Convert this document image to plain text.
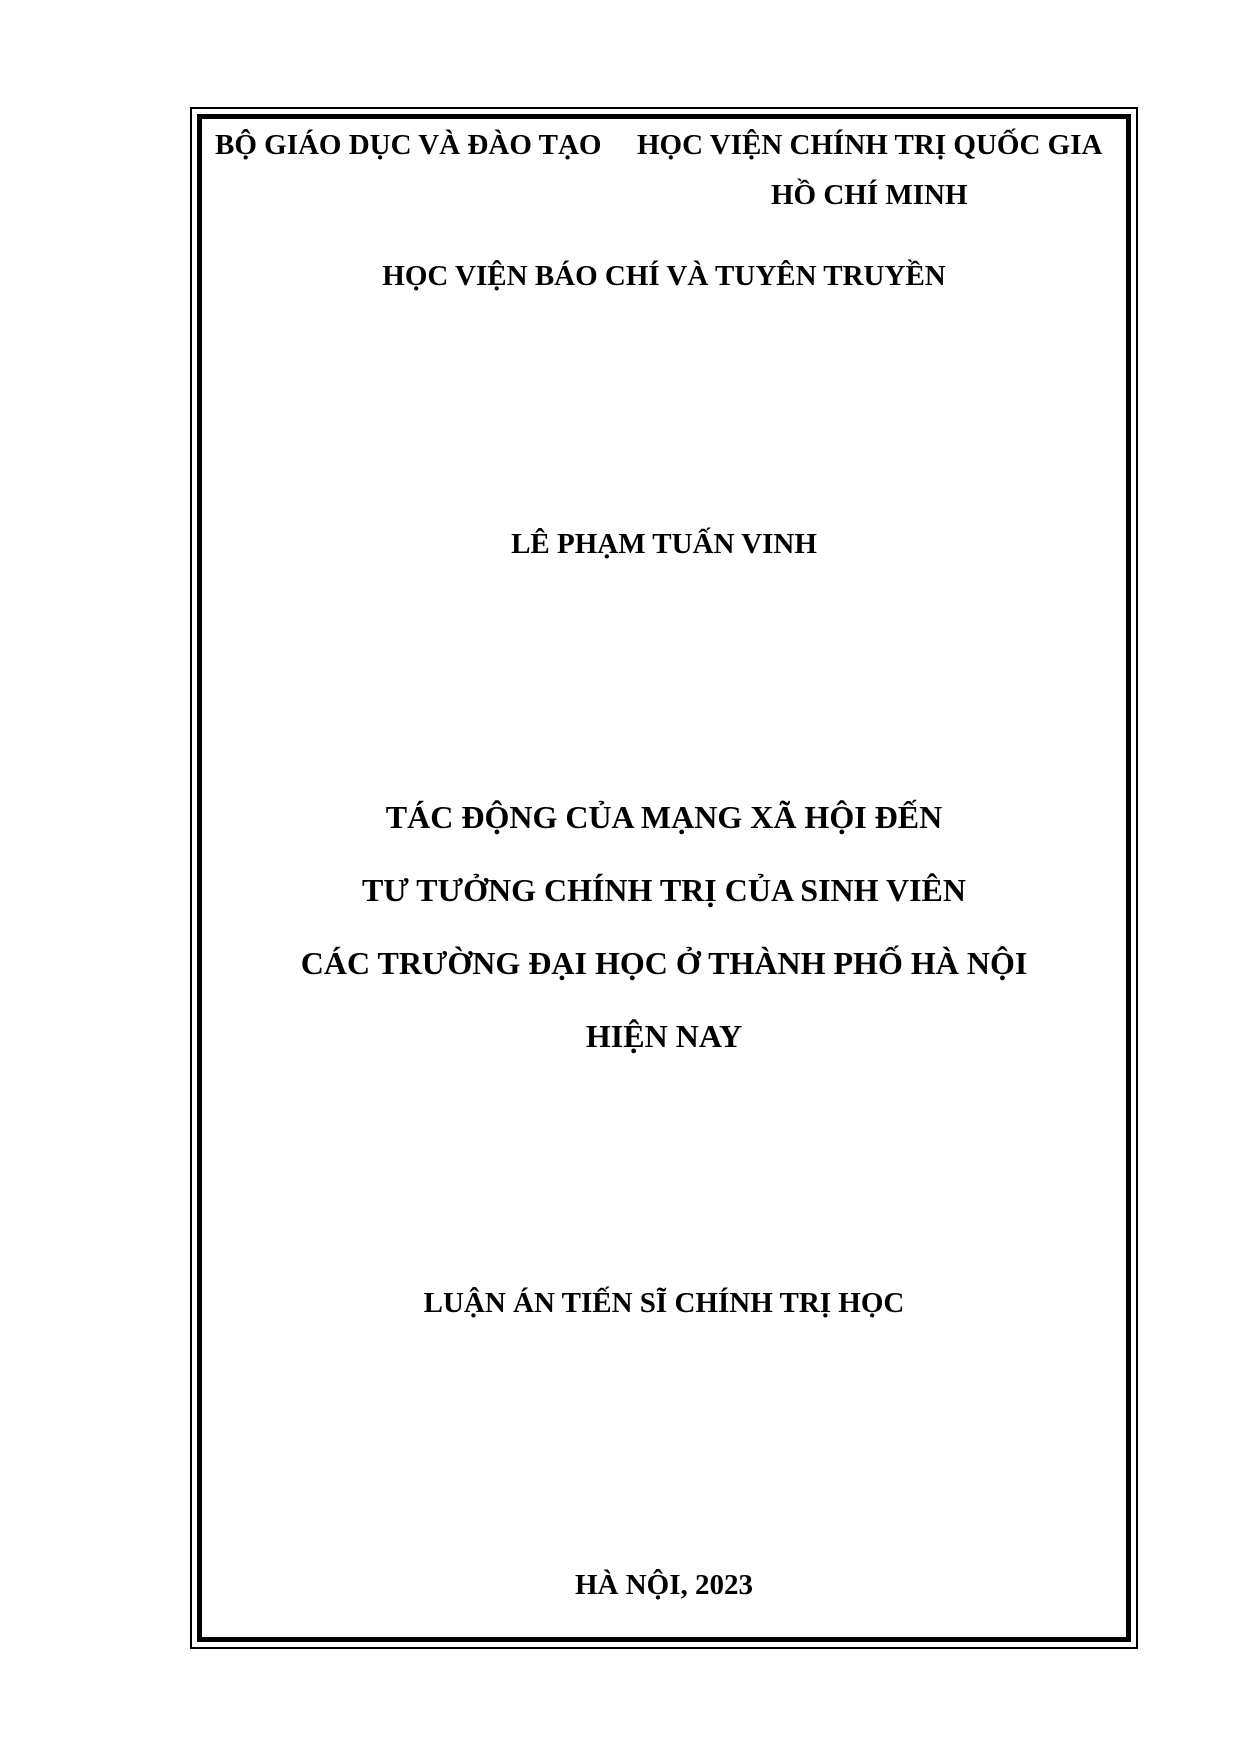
BỘ GIÁO DỤC VÀ ĐÀO TẠO HỌC VIỆN CHÍNH TRỊ QUỐC GIA
HỒ CHÍ MINH
HỌC VIỆN BÁO CHÍ VÀ TUYÊN TRUYỀN
LÊ PHẠM TUẤN VINH
TÁC ĐỘNG CỦA MẠNG XÃ HỘI ĐẾN
TƯ TƯỞNG CHÍNH TRỊ CỦA SINH VIÊN
CÁC TRƯỜNG ĐẠI HỌC Ở THÀNH PHỐ HÀ NỘI
HIỆN NAY
LUẬN ÁN TIẾN SĨ CHÍNH TRỊ HỌC
HÀ NỘI, 2023
